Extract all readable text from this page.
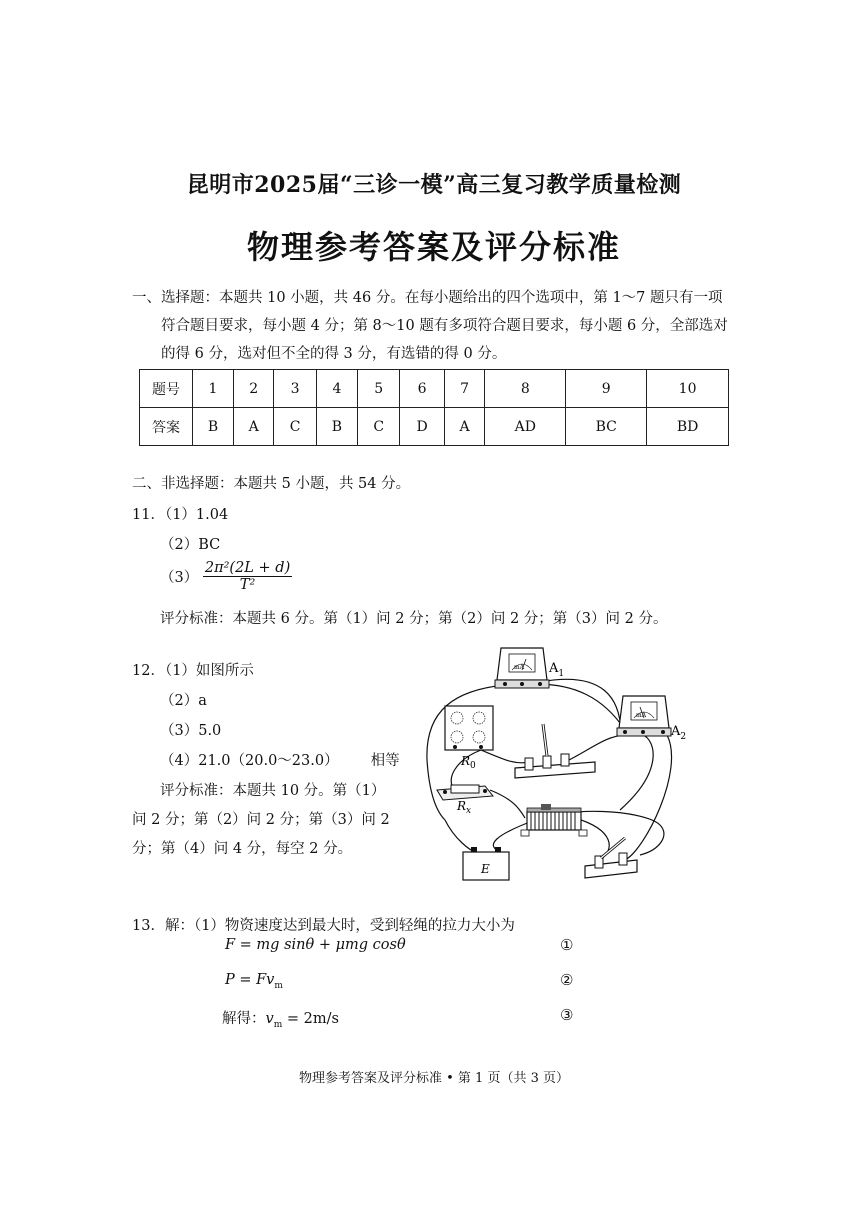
昆明市2025届“三诊一模”高三复习教学质量检测
物理参考答案及评分标准
一、选择题：本题共 10 小题，共 46 分。在每小题给出的四个选项中，第 1～7 题只有一项

符合题目要求，每小题 4 分；第 8～10 题有多项符合题目要求，每小题 6 分，全部选对
的得 6 分，选对但不全的得 3 分，有选错的得 0 分。
题号	1	2	3	4	5	6	7	8	9	10
答案	B	A	C	B	C	D	A	AD	BC	BD
二、非选择题：本题共 5 小题，共 54 分。
11．（1）1.04
（2）BC
$(3) \frac{\text{2π²(2L + d)}}{\text{T²}}$
评分标准：本题共 6 分。第（1）问 2 分；第（2）问 2 分；第（3）问 2 分。
12．（1）如图所示
（2）a
（3）5.0
（4）21.0（20.0～23.0） 相等
评分标准：本题共 10 分。第（1）
问 2 分；第（2）问 2 分；第（3）问 2
分；第（4）问 4 分，每空 2 分。
mA $A_1$
mA
$A_2$
$R_0$
$R_x$
E
13．解：（1）物资速度达到最大时，受到轻绳的拉力大小为
F = mg sinθ + μmg cosθ	①
$P = Fv_m$	②
解得：$v_m = 2m/s$	③
物理参考答案及评分标准 • 第 1 页（共 3 页）
